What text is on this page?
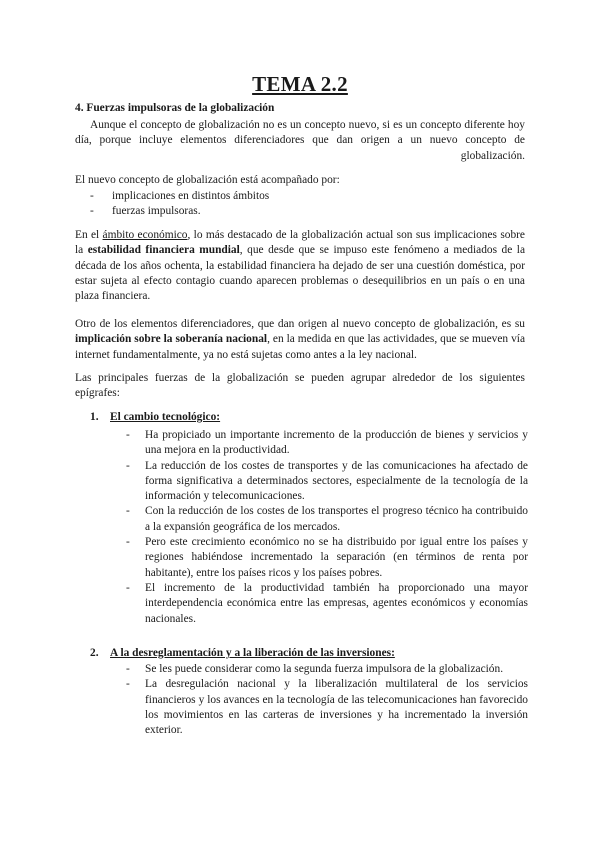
TEMA 2.2
4. Fuerzas impulsoras de la globalización
Aunque el concepto de globalización no es un concepto nuevo, si es un concepto diferente hoy día, porque incluye elementos diferenciadores que dan origen a un nuevo concepto de globalización.
El nuevo concepto de globalización está acompañado por:
- implicaciones en distintos ámbitos
- fuerzas impulsoras.
En el ámbito económico, lo más destacado de la globalización actual son sus implicaciones sobre la estabilidad financiera mundial, que desde que se impuso este fenómeno a mediados de la década de los años ochenta, la estabilidad financiera ha dejado de ser una cuestión doméstica, por estar sujeta al efecto contagio cuando aparecen problemas o desequilibrios en un país o en una plaza financiera.
Otro de los elementos diferenciadores, que dan origen al nuevo concepto de globalización, es su implicación sobre la soberanía nacional, en la medida en que las actividades, que se mueven vía internet fundamentalmente, ya no está sujetas como antes a la ley nacional.
Las principales fuerzas de la globalización se pueden agrupar alrededor de los siguientes epígrafes:
1. El cambio tecnológico:
- Ha propiciado un importante incremento de la producción de bienes y servicios y una mejora en la productividad.
- La reducción de los costes de transportes y de las comunicaciones ha afectado de forma significativa a determinados sectores, especialmente de la tecnología de la información y telecomunicaciones.
- Con la reducción de los costes de los transportes el progreso técnico ha contribuido a la expansión geográfica de los mercados.
- Pero este crecimiento económico no se ha distribuido por igual entre los países y regiones habiéndose incrementado la separación (en términos de renta por habitante), entre los países ricos y los países pobres.
- El incremento de la productividad también ha proporcionado una mayor interdependencia económica entre las empresas, agentes económicos y economías nacionales.
2. A la desreglamentación y a la liberación de las inversiones:
- Se les puede considerar como la segunda fuerza impulsora de la globalización.
- La desregulación nacional y la liberalización multilateral de los servicios financieros y los avances en la tecnología de las telecomunicaciones han favorecido los movimientos en las carteras de inversiones y ha incrementado la inversión exterior.
